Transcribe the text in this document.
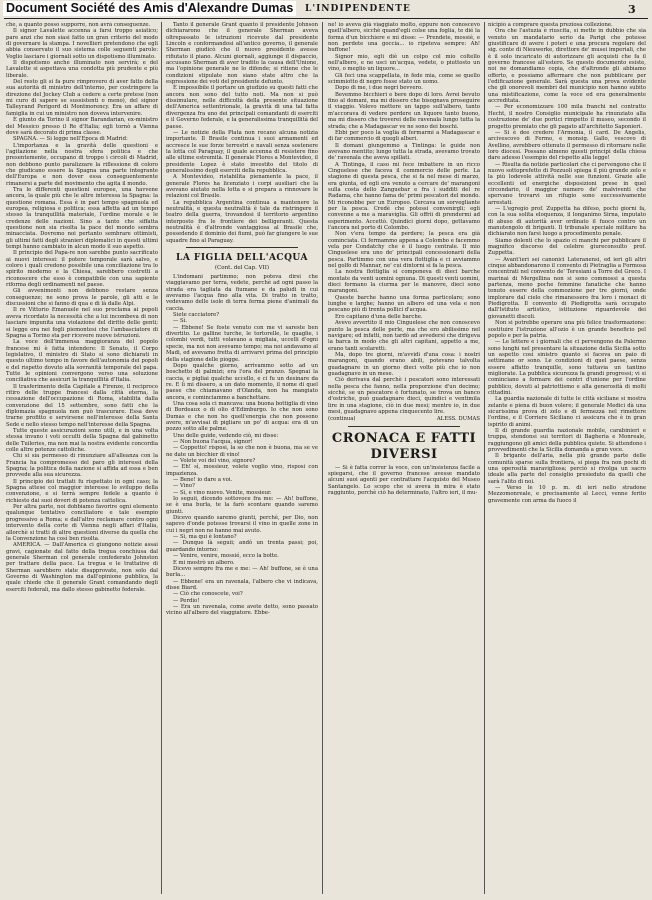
Document Société des Amis d'Alexandre Dumas	L'INDIPENDENTE	3

che, a quanto posso supporre, non avrà conseguenze.

Il signor Lavalette accenna a farsi troppo asiatico; pare anzi che non siasi fatto un gran criterio del modo di governare la stampa. I novellieri pretendono che egli abbia conservato il suo sistema colle seguenti parole: Voglio lasciare i giornali sotto un dispotismo illuminato.

Il dispotismo anche illuminato non servirà; e del Lavalette si aspettava una condotta più prudente e più liberale.

Del resto gli si fa pure rimprovero di aver fatto della sua autorità di ministro dell'interno, per costringere la direzione del Jockey Club a cedere a certe pretese (non mi curo di sapere se sussistenti o meno), del signor Talleyrand Perigord di Montmorency. Era un affare di famiglia in cui un ministro non doveva intervenire.

È giunto da Torino il signor Barandarian, ex-ministro del Messico presso il Re d'Italia; egli tornò a Vienna dove sarà decorato di prima classe.

SPAGNA. — Si legge nell'Epoca di Madrid:

L'importanza e la gravità delle questioni e l'agitazione nella nostra sfera politica e che presentemente, occupano di troppo i circoli di Madrid, non debbono punto paralizzare la riflessione di coloro che giudicano essere la Spagna una parte integrante dell'Europa e non dover essa conseguentemente rimanersi a parte del movimento che agita il mondo.

Tra le differenti questioni europee, una havvene ancora, la quale più che le altre interessa la Spagna: la questione romana. Essa è in pari tempo spagnuola ed europea, religiosa e politica; essa affetta ad un tempo stesso la tranquillità materiale, l'ordine morale e le credenze delle nazioni. Sino a tanto che siffatta questione non sia risolta la pace del mondo sembra minacciata. Dovremo noi pertanto sembrare ottimisti, gli ultimi fatti degli stranieri diplomatici in questi ultimi tempi hanno cambiato in alcun modo il suo aspetto.

Il principio del Papa-re non sarebbe punto sacrificato ai nuovi interessi: il potere temporale sarà salvo, e coloro i quali credono possibile una conciliazione tra lo spirito moderno e la Chiesa, sarebbero costretti a riconoscere che esso è compatibile con una sapiente riforma degli ordinamenti nel paese.

Gli avvenimenti non debbono restare senza conseguenze; ne sono prova le parole, gli atti e le discussioni che si fanno di qua e di là dalle Alpi.

Il re Vittorio Emanuele nel suo proclama ai popoli aveva ricordato la necessità che a lui incombeva di non lasciare impunita una violazione del diritto delle genti; si legge ora nei fogli piemontesi che l'ambasciatore di Spagna a Torino sta per ricevere nuove istruzioni.

La voce dell'immensa maggioranza del popolo francese mi è fatta intendere: Il Senato, il Corpo legislativo, il ministro di Stato si sono dichiarati in questo ultimo tempo in favore dell'autonomia dei popoli e del rispetto dovuto alla sovranità temporale del papa. Tutte le opinioni convergono verso una soluzione conciliativa che assicuri la tranquillità d'Italia.

Il trasferimento della Capitale a Firenze, il reciproco ritiro delle truppe francesi dalla città eterna, la cessazione dell'occupazione di Roma, stabilita dalla convenzione del 15 settembre, sono fatti che la diplomazia spagnuola non può trascurare. Essa deve trarne profitto e servirsene nell'interesse della Santa Sede e nello stesso tempo nell'interesse della Spagna.

Tutte queste assicurazioni sono utili, e in una volta stessa invano i voti occulti della Spagna dal gabinetto delle Tuileries, ma non mai la nostra evidente concordia colle altre potenze cattoliche.

Chi si sia permesso di rinunziare all'alleanza con la Francia ha compromesso del paro gli interessi della Spagna; la politica della nazione si affida ad essa e ben provvede alla sua sicurezza.

Il principio dei trattati fu rispettato in ogni caso; la Spagna attese col maggior interesse lo sviluppo della convenzione, e si terrà sempre fedele a quanto è richiesto dai suoi doveri di potenza cattolica.

Per altra parte, noi dobbiamo favorire ogni elemento qualunque tentativo conciliatore e tale esempio progressivo a Roma; e dall'altro reclamare contro ogni intervento della corte di Vienna negli affari d'Italia, allorchè si tratti di altre questioni diverse da quella che la Convenzione ha così ben risolta.

AMERICA. — Dall'America ci giungono notizie assai gravi, cagionate dal fatto della tregua conchiusa dal generale Sherman col generale confederato Johnston per trattare della pace. La tregua e le trattative di Sherman sarebbero state disapprovate, non solo dal Governo di Washington ma dall'opinione pubblica, la quale chiede che il generale Grant comandando degli eserciti federali, ma dallo stesso gabinetto federale.

Tanto il generale Grant quanto il presidente Johnson dichiararono che il generale Sherman aveva oltrepassato le istruzioni ricevute dal presidente Lincoln e conformandosi all'antico governo, il generale Sherman giudicò che il nuovo presidente avesse rifiutato il piano. Alcuni giornali, aggiunge il dispaccio, accusano Sherman di aver tradito la causa dell'Unione, ma l'opinione generale ne lo difende; si ritiene che le condizioni stipulate non siano state altro che la espressione dei voti del presidente defunto.

È impossibile il portare un giudizio su questi fatti che ancora non sono del tutto noti. Ma non si può dissimulare, nelle difficoltà della presente situazione dell'America settentrionale, la gravità di una tal fatta divergenza fra uno dei principali comandanti di eserciti e il Governo federale, e la generalissima tranquillità del paese.

— Le notizie della Plata non recano alcuna notizia importante. Il Brasile continua i suoi armamenti ed accresce le sue forze terrestri e navali senza sostenere la lotta col Paraguay, il quale accenna di resistere fino alle ultime estremità. Il generale Flores a Montevideo, il presidente Lopez è stato investito del titolo di generalissimo degli eserciti della repubblica.

A Montevideo, ristabilita pienamente la pace, il generale Flores ha licenziato i corpi ausiliari che la avevano aiutato nella lotta e si prepara a rinnovare le relazioni col Brasile.

La repubblica Argentina continua a mantenere la neutralità, e questa neutralità è tale da ristringere il teatro della guerra, trovandosi il territorio argentino interposto fra le frontiere dei belligeranti. Questa neutralità è d'altronde vantaggiosa al Brasile che, possedendo il dominio dei fiumi, può far giungere le sue squadre fino al Paraguay.

LA FIGLIA DELL'ACQUA
(Cont. del Cap. VII)

L'indomani partimmo; non poteva dirsi che viaggiavamo per terra, vedete, perchè ad ogni passo la strada era tagliata da fiumane e da paludi in cui avevamo l'acqua fino alla vita. Di tratto in tratto, vedevamo delle isole di terra ferma piene d'animali da caccia.

Siete cacciatore?

— Sì.

— Ebbene! Se foste venuto con me vi sareste ben divertito. Le galline turche, le tortorelle, le quaglie, i colombi verdi, tutti volavano a migliaia, uccelli d'ogni specie, ma noi non avevamo tempo; ma noi andavamo al Madi, ed avevamo fretta di arrivarvi prima del principio della stagione delle piogge.

Dopo qualche giorno, arrivammo sotto ad un boschetto di palmizi; era l'ora del pranzo. Spegnai la caccia, e pigliai qualche uccello, e ci fu un desinare da re. E lì mi dissero, a un dato momento, il nome di quel paese che chiamavano d'Olanda, non ha mangiato ancora, e cominciammo a banchettare.

Una cosa sola ci mancava: una buona bottiglia di vino di Bordeaux o di olio d'Edimburgo. Io che non sono Dumas e che non ho quell'energia che non possono avere, m'avvisai di pigliare un po' di acqua: era di un pozzo sotto alle palme.

Uno delle guide, vedendo ciò, mi disse:

— Non buona l'acqua, signor!

— Coppetto! risposi, la so che non è buona, ma se ve ne date un bicchier di vino!

— Volete voi del vino, signore?

— Eh! sì, mossieur, volete voglio vino, risposi con impazienza.

— Bene! io dare a voi.

— Vino?

— Sì, e vino nuovo. Venite, mossieur.

Io seguii, dicendo sottovoce fra me: — Ah! buffone, se è una burla, te la farò scontare quando saremo giunti.

Dicevo quando saremo giunti, perchè, per Dio, non sapevo d'onde potesse trovarsi il vino in quelle zone in cui i negri non ne hanno mai avuto.

— Sì, ma qui è lontano?

— Dunque là seguii; andò un trenta passi; poi, guardando intorno:

— Venire, venire, mossié, ecco la botte.

E mi mostrò un albero.

Dicevo sempre fra me e me: — Ah! buffone, se è una burla...

— Ebbene! era un ravenala, l'albero che vi indicava, disse Biard.

— Ciò che conoscete, voi?

— Perdio!

— Era un ravenala, come avete detto, sono passato vicino all'albero del viaggiatore. Ebbe-

ne! io aveva già viaggiato molto, eppure non conoscevo quell'albero, sicchè quand'egli colse una foglia, te dié la forma d'un bicchiere e mi disse: — Prendete, mossié, e non perdete una goccia... io ripeteva sempre: Ah! buffone!

Signor mio, egli diè un colpo col mio coltello nell'albero, e ne usci un'acqua, vedete, o piuttosto un vino, o meglio un liquore...

Gli feci una scappellata, in fede mia, come se quello scimmiotto di negro fosse stato un uomo.

Dopo di me, i due negri bevvero.

Bevemmo bicchieri e bere dopo di loro. Avrei bevuto fino al domani, ma mi dissero che bisognava proseguire il viaggio. Volevo mettere un tappo sull'albero, tanto m'accorava di vedere perdere un liquore tanto buono, ma mi dissero che troverei delle ravenala lungo tutta la strada; che a Madagascar ve ne sono dei boschi.

Ebbi per poco la voglia di fermarmi a Madagascar e di far commercio di quegli alberi.

Il domani giungemmo a Tintinga: le guide non avevano mentito; lungo tutta la strada, avevamo trovato de' ravenala che aveva spillati.

A Tintinga, il caso mi fece imbattere in un ricco Cinguelese che faceva il commercio delle perle. La stagione di questa pesca, che si fa nel mese di marzo, era giunta, ed egli era venuto a cercare de' marangoni sulla costa dello Zanguebar e fra i sudditi del re Radama, che hanno fama de' primi pescatori del mondo. Mi riconobbe per un Europeo. Cercava un sorvegliante per la pesca. Credè che potessi convenirgli; egli convenne a me a maraviglia. Gli offrii di prendermi ad esperimento. Accettò. Quindici giorni dopo, gettavamo l'ancora nel porto di Colombo.

Non v'era tempo da perdere; la pesca era già cominciata. Ci fermammo appena a Colombo e facemmo vela per Condatchy che è il luogo centrale. Il mio Cinguelese era uno de' principali concessionarii della pesca. Partimmo con una vera flottiglia e ci avviammo nel golfo di Mannar, ne' cui dintorni si fa la pesca.

La nostra flottiglia si componeva di dieci barche montate da venti uomini ognuna. Di questi venti uomini, dieci formano la ciurma per le manovre, dieci sono marangoni.

Queste barche hanno una forma particolare; sono lunghe e larghe; hanno un albero ed una vela e non pescano più di trenta pollici d'acqua.

Ero capitano d'una delle barche.

Avevo avvertito il mio Cinguelese che non conoscevo punto la pesca delle perle, ma che ero abilissimo nel navigare; ed infatti, non tardò ad avvedersi che dirigeva la barca in modo che gli altri capitani, appetto a me, erano tanti scolaretti.

Ma, dopo tre giorni, m'avvidi d'una cosa: i nostri marangoni, quando erano abili, potevano talvolta guadagnare in un giorno dieci volte più che io non guadagnavo in un mese.

Ciò derivava dal perchè i pescatori sono interessati nella pesca che fanno, nella proporzione d'un decimo; sicchè, se un pescatore è fortunato, se trova un banco d'ostriche, può guadagnare dieci, quindici e ventimila lire in una stagione, ciò in due mesi; mentre io, in due mesi, guadagnavo appena cinquecento lire.

(continua)	ALESS. DUMAS
CRONACA E FATTI DIVERSI

— Si è fatta correr la voce, con un'insistenza facile a spiegarsi, che il governo francese avesse mandato alcuni suoi agenti per contrattare l'acquisto del Museo Santangelo. Lo scopo che si aveva in mira è stato raggiunto, perchè ciò ha determinato, l'altro ieri, il mu-

nicipio a comprare questa preziosa collezione.

Ora che l'astuzia è riuscita, si mette in dubbio che sia venuto un mandatario serio da Parigi che potesse giustificare di avere i poteri e una procura regolare del sig. conte di Nieuwerke, direttore de' musei imperiali, che è il solo incaricato di autorizzare gli acquisti che fa il governo francese all'estero. Se questo documento esiste, noi ne domandiamo copia, che d'altronde gli abbiamo offerto, e possiamo affermare che non pubblicare per l'edificazione generale. Sarà questa una prova evidente che gli onorevoli membri del municipio non hanno subito una mistificazione, come la voce ed era generalmente accreditata.

— Per economizzare 100 mila franchi nel contratto Hecht, il nostro Consiglio municipale ha rinunziato alla costruzione de' due portici rimpetto il museo, secondo il progetto premiato che gli pagato all'architetto Saponieri.

— Si è dee credere l'Armonia, il card. De Angelis, arcivescovo di Fermo, e monsig. Gallo, vescovo di Avellino, avrebbero ottenuto il permesso di ritornare nelle loro diocesi. Possano almeno questi principi della chiesa dare adesso l'esempio del rispetto alla legge!

— Risulta da notizie particolari che ci pervengono che il nuovo sottoprefetto di Pozzuoli spiega il più grande zelo e la più lodevole attività nelle sue funzioni. Grazie alle eccellenti ed energiche disposizioni prese in quel circondario, il maggior numero de' malviventi che spervano trovarvi un rifugio sono successivamente arrestati.

— L'egregio prof. Zuppetta ha difeso, pochi giorni fa, con la sua solita eloquenza, il longanimo Sirna, imputato di abuso di autorità aver ordinato il fuoco contro un manutengolo di briganti. Il tribunale speciale militare ha dichiarato non farsi luogo a procedimento penale.

Siamo dolenti che lo spazio ci manchi per pubblicare il magnifico discorso del celebre giureconsulto prof. Zuppetta.

— Avant'ieri sei canonici Lateranensi, ed ieri gli altri cinque abbandonarono il convento di Pietraglia a Formosa concentrati nel convento de' Teresiani a Torre del Greco. I marinai di Mergellina non si sono commossi a questa partenza, meno poche femmine fanatiche che hanno tenuto essere della commozione per tre giorni, onde implorare dal cielo che rimanessero fra loro i monaci di Piedigrotta. Il convento di Piedigrotta sarà occupato dall'Istituto artistico, istituzione riguardevole dei giovanetti discoli.

Non si potrebbe operare una più felice trasformazione: sostituire l'istruzione all'ozio è un grande beneficio pel popolo e per la patria.

— Le lettere e i giornali che ci pervengono da Palermo sono lunghi nel presentare la situazione della Sicilia sotto un aspetto così sinistro quanto si faceva un paio di settimane or sono. Le condizioni di quel paese, senza essere affatto tranquille, sono tuttavia un tantino migliorate. La pubblica sicurezza fa grandi progressi; vi si cominciano a formare dei centri d'unione per l'ordine pubblico, dovuti al patriottismo e alla generosità di molti cittadini.

La guardia nazionale di tutte le città siciliane si mostra zelante e piena di buon volere; il generale Medici dà una sicurissima prova di zelo e di fermezza nel rimettere l'ordine, e il Corriere Siciliano ci assicura che è in gran ispirito di animi.

Il dì grande guardia nazionale mobile, carabinieri e truppa, stendonsi sui territori di Bagheria e Monreale, raggiungono gli amici della pubblica quiete. Si attendono i provvedimenti che la Sicilia domanda a gran voce.

Il brigante dell'aria, nella più grande parte delle comunità sparse sulla frontiera, si piega fra non pochi di una operosità maravigliosa; perciò si rivolga un sacro ideale alla parte del consiglio presieduto da quelli che sarà l'alito di noi.

— Verso le 10 p. m. di ieri nello stradone Mezzomonreale, e precisamente al Lecci, venne ferito gravemente con arma da fuoco il
